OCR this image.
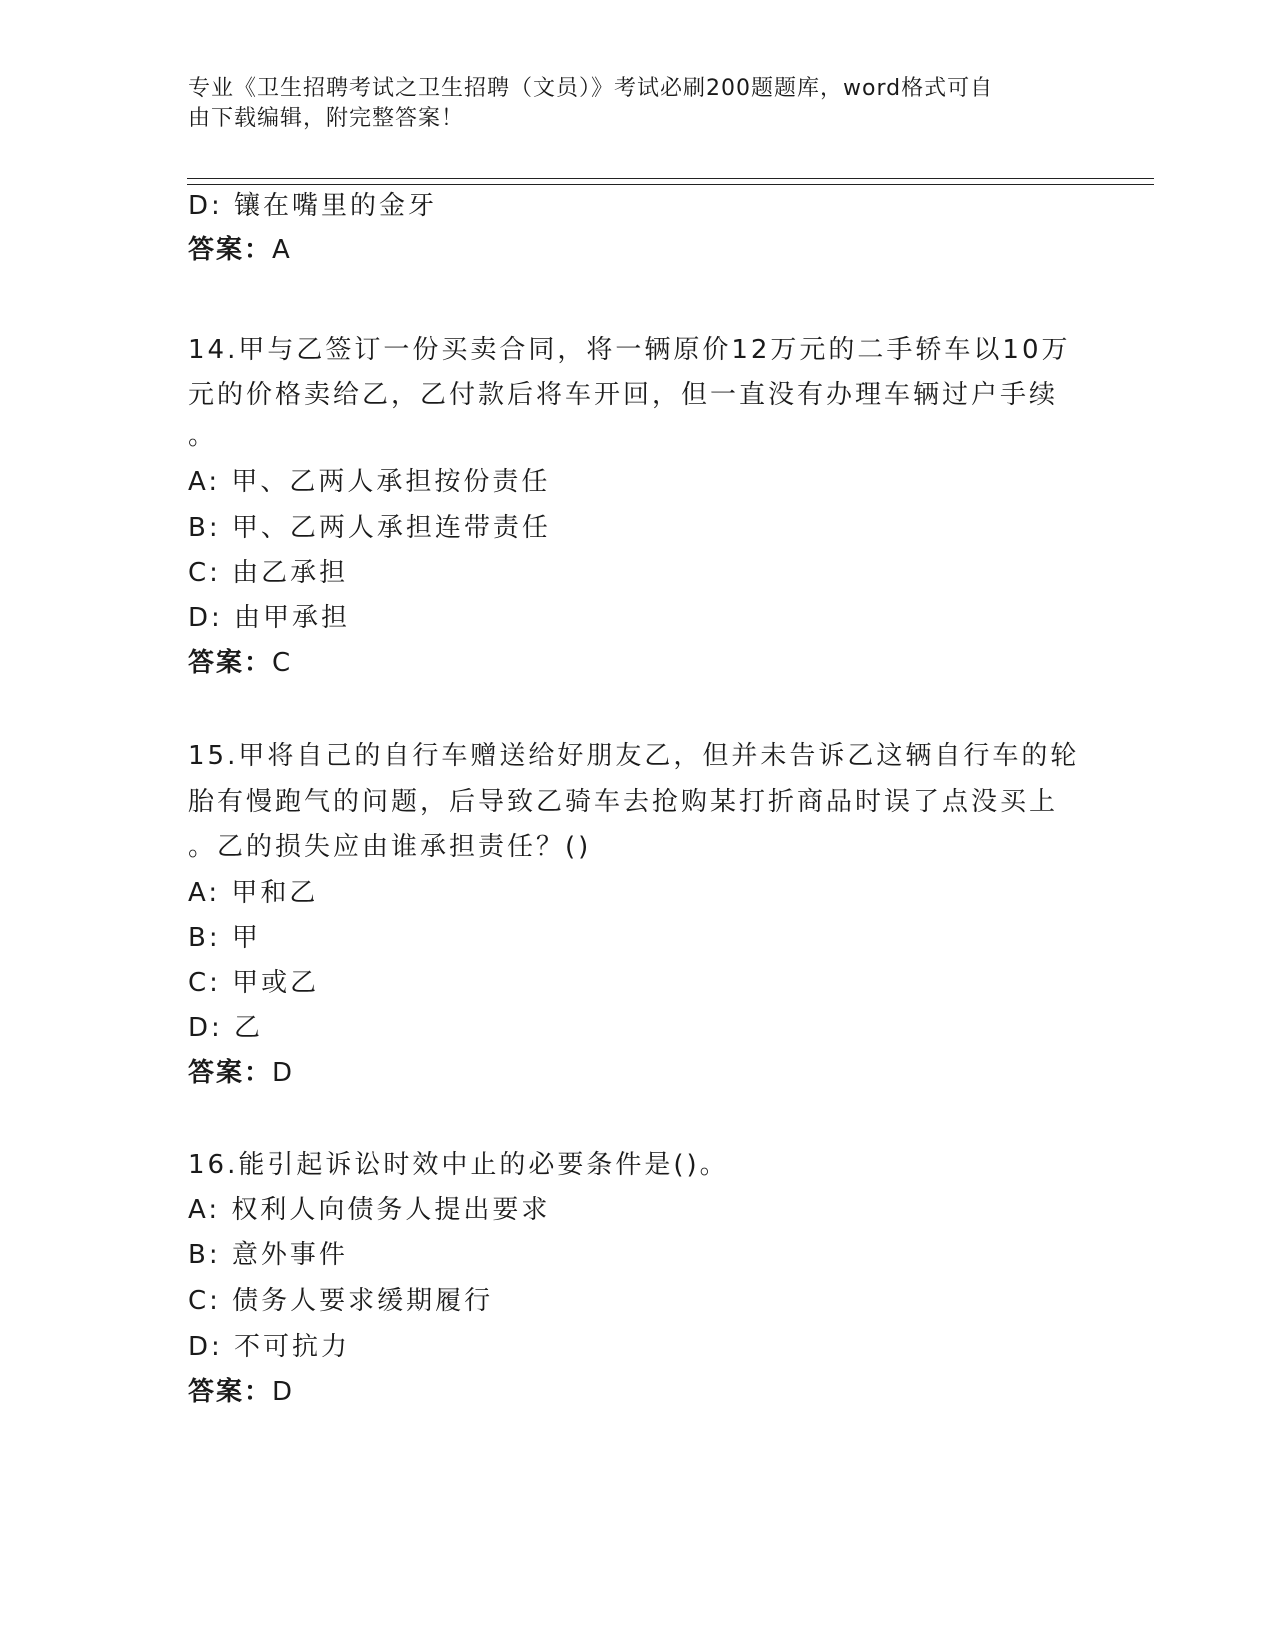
专业《卫生招聘考试之卫生招聘（文员）》考试必刷200题题库，word格式可自
由下载编辑，附完整答案！
D: 镶在嘴里的金牙
答案：A
14.甲与乙签订一份买卖合同，将一辆原价12万元的二手轿车以10万
元的价格卖给乙，乙付款后将车开回，但一直没有办理车辆过户手续
。
A: 甲、乙两人承担按份责任
B: 甲、乙两人承担连带责任
C: 由乙承担
D: 由甲承担
答案：C
15.甲将自己的自行车赠送给好朋友乙，但并未告诉乙这辆自行车的轮
胎有慢跑气的问题，后导致乙骑车去抢购某打折商品时误了点没买上
。乙的损失应由谁承担责任？()
A: 甲和乙
B: 甲
C: 甲或乙
D: 乙
答案：D
16.能引起诉讼时效中止的必要条件是()。
A: 权利人向债务人提出要求
B: 意外事件
C: 债务人要求缓期履行
D: 不可抗力
答案：D
